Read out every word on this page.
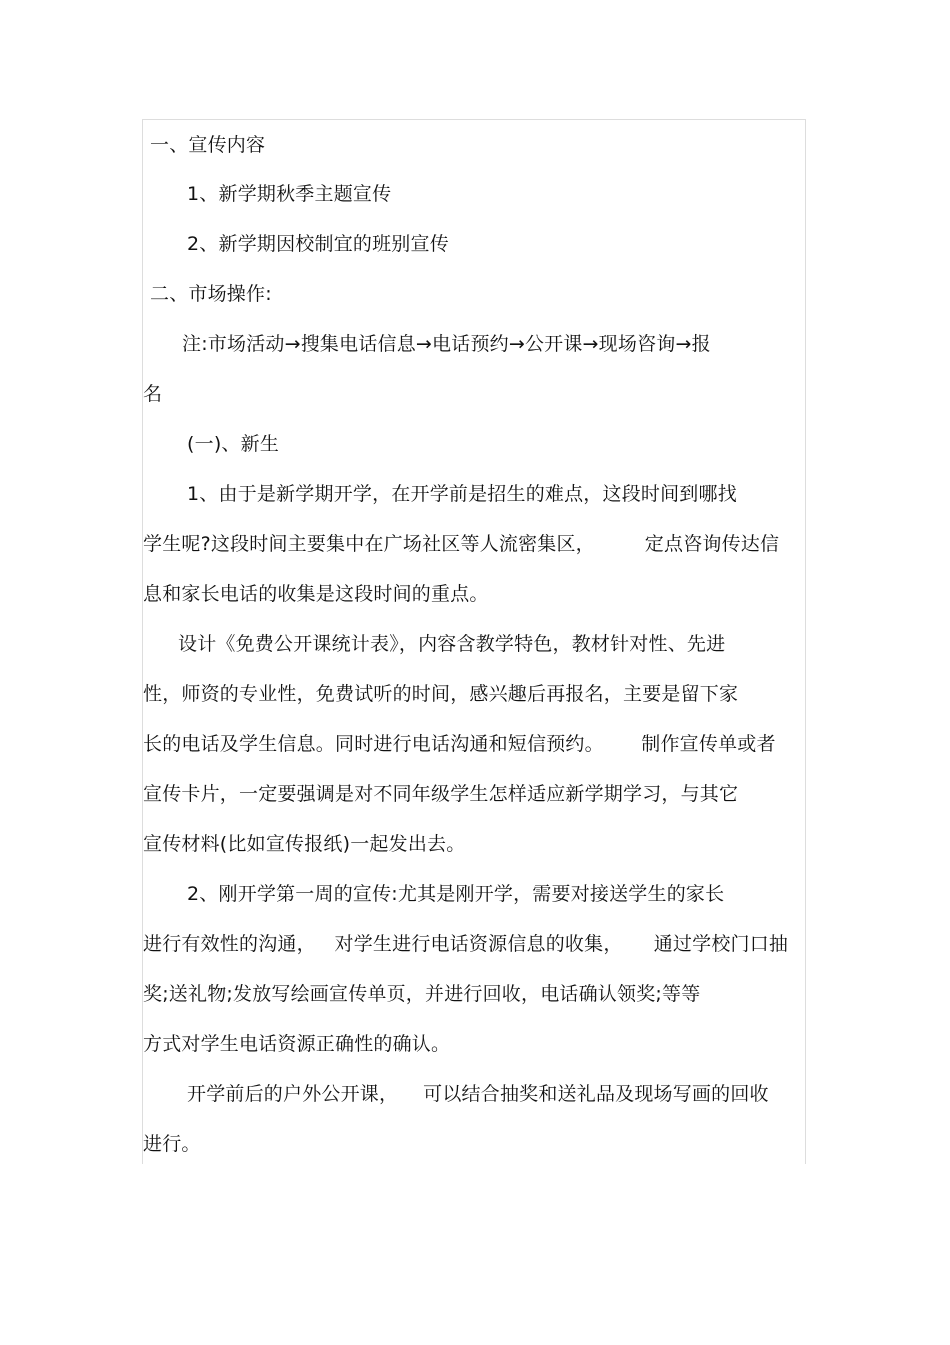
一、宣传内容
1、新学期秋季主题宣传
2、新学期因校制宜的班别宣传
二、市场操作:
注:市场活动→搜集电话信息→电话预约→公开课→现场咨询→报
名
(一)、新生
1、由于是新学期开学，在开学前是招生的难点，这段时间到哪找
学生呢?这段时间主要集中在广场社区等人流密集区，        定点咨询传达信
息和家长电话的收集是这段时间的重点。
设计《免费公开课统计表》，内容含教学特色，教材针对性、先进
性，师资的专业性，免费试听的时间，感兴趣后再报名，主要是留下家
长的电话及学生信息。同时进行电话沟通和短信预约。      制作宣传单或者
宣传卡片，一定要强调是对不同年级学生怎样适应新学期学习，与其它
宣传材料(比如宣传报纸)一起发出去。
2、刚开学第一周的宣传:尤其是刚开学，需要对接送学生的家长
进行有效性的沟通，   对学生进行电话资源信息的收集，     通过学校门口抽
奖;送礼物;发放写绘画宣传单页，并进行回收，电话确认领奖;等等
方式对学生电话资源正确性的确认。
开学前后的户外公开课，    可以结合抽奖和送礼品及现场写画的回收
进行。
